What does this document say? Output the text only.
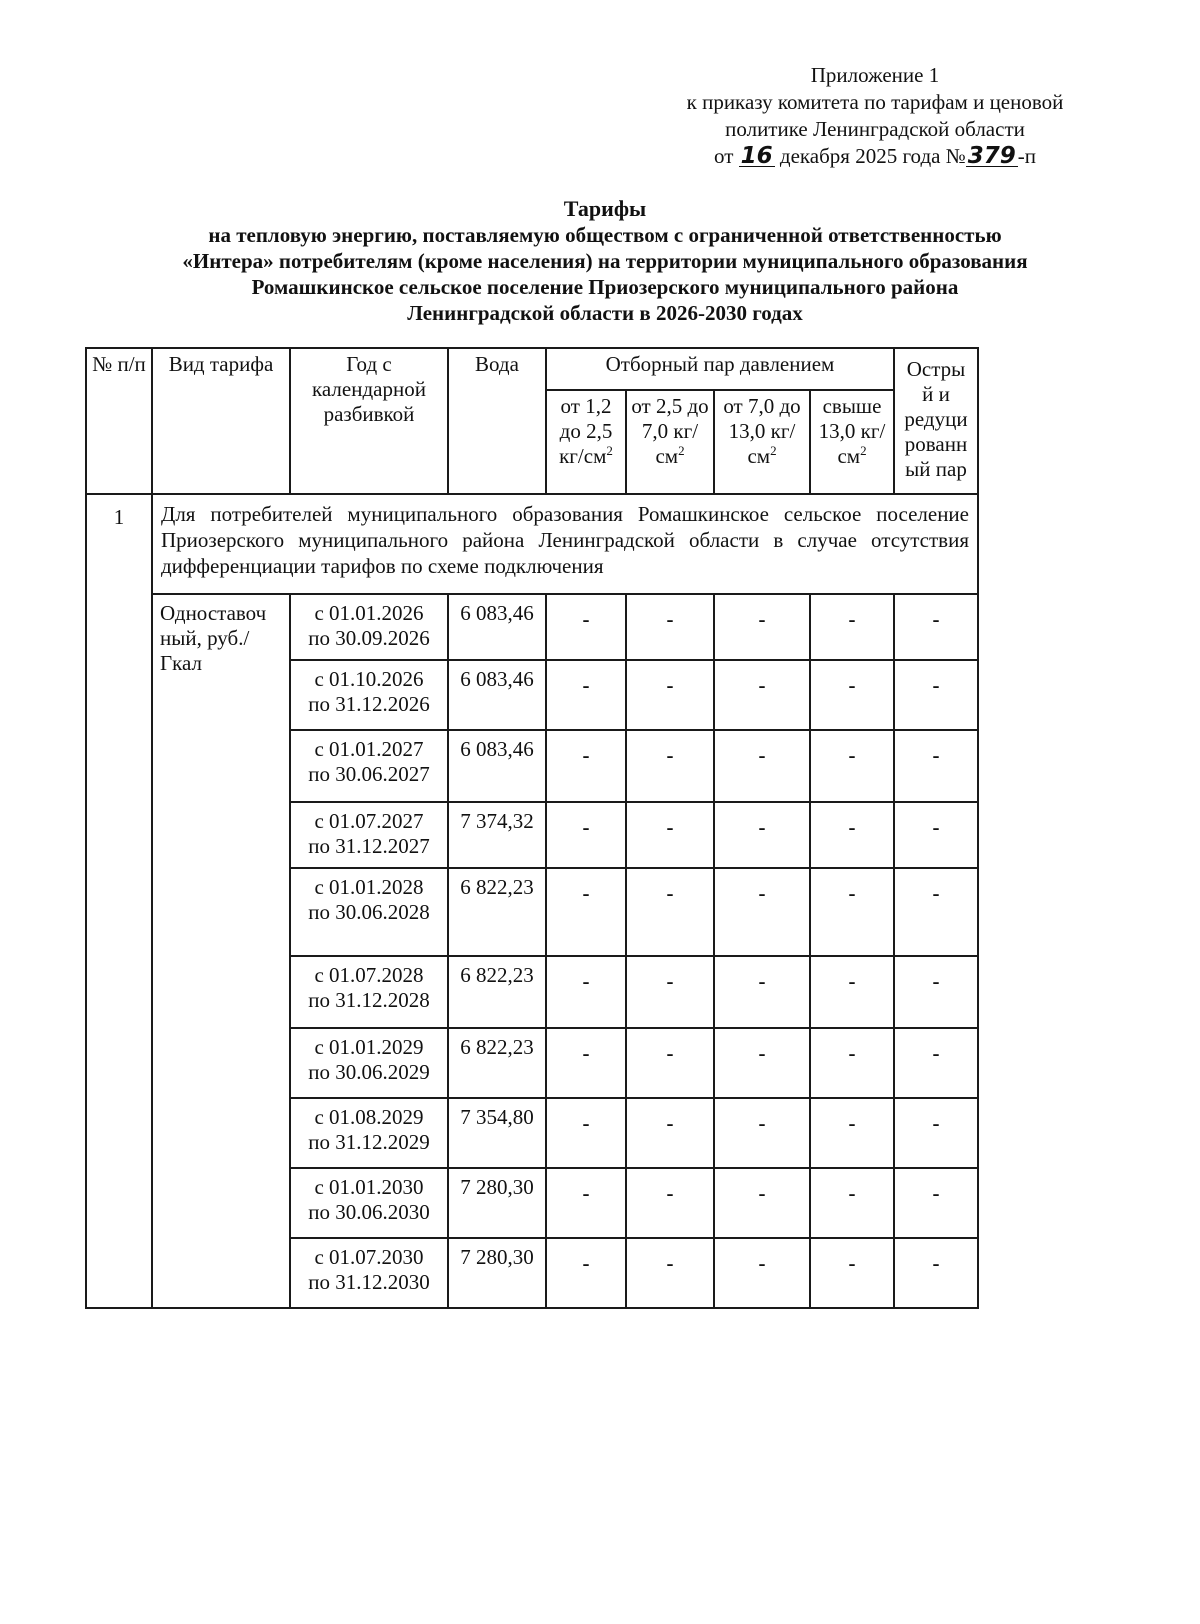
Приложение 1
к приказу комитета по тарифам и ценовой
политике Ленинградской области
от 16 декабря 2025 года №379-п
Тарифы
на тепловую энергию, поставляемую обществом с ограниченной ответственностью
«Интера» потребителям (кроме населения) на территории муниципального образования
Ромашкинское сельское поселение Приозерского муниципального района
Ленинградской области в 2026-2030 годах
№ п/п	Вид тарифа	Год с календарной разбивкой	Вода	Отборный пар давлением				Остры й и редуци рованн ый пар
				от 1,2 до 2,5 $кг/см^2$	от 2,5 до 7,0 $кг/см^2$	от 7,0 до 13,0 $кг/см^2$	свыше 13,0 $кг/см^2$
1	Для потребителей муниципального образования Ромашкинское сельское поселение Приозерского муниципального района Ленинградской области в случае отсутствия дифференциации тарифов по схеме подключения							
	Одноставоч ный, руб./Гкал	с 01.01.2026
по 30.09.2026	6 083,46	-	-	-	-	-

		с 01.10.2026
по 31.12.2026	6 083,46	-	-	-	-	-

		с 01.01.2027
по 30.06.2027	6 083,46	-	-	-	-	-

		с 01.07.2027
по 31.12.2027	7 374,32	-	-	-	-	-

		с 01.01.2028
по 30.06.2028	6 822,23	-	-	-	-	-

		с 01.07.2028
по 31.12.2028	6 822,23	-	-	-	-	-

		с 01.01.2029
по 30.06.2029	6 822,23	-	-	-	-	-

		с 01.08.2029
по 31.12.2029	7 354,80	-	-	-	-	-

		с 01.01.2030
по 30.06.2030	7 280,30	-	-	-	-	-

		с 01.07.2030
по 31.12.2030	7 280,30	-	-	-	-	-
